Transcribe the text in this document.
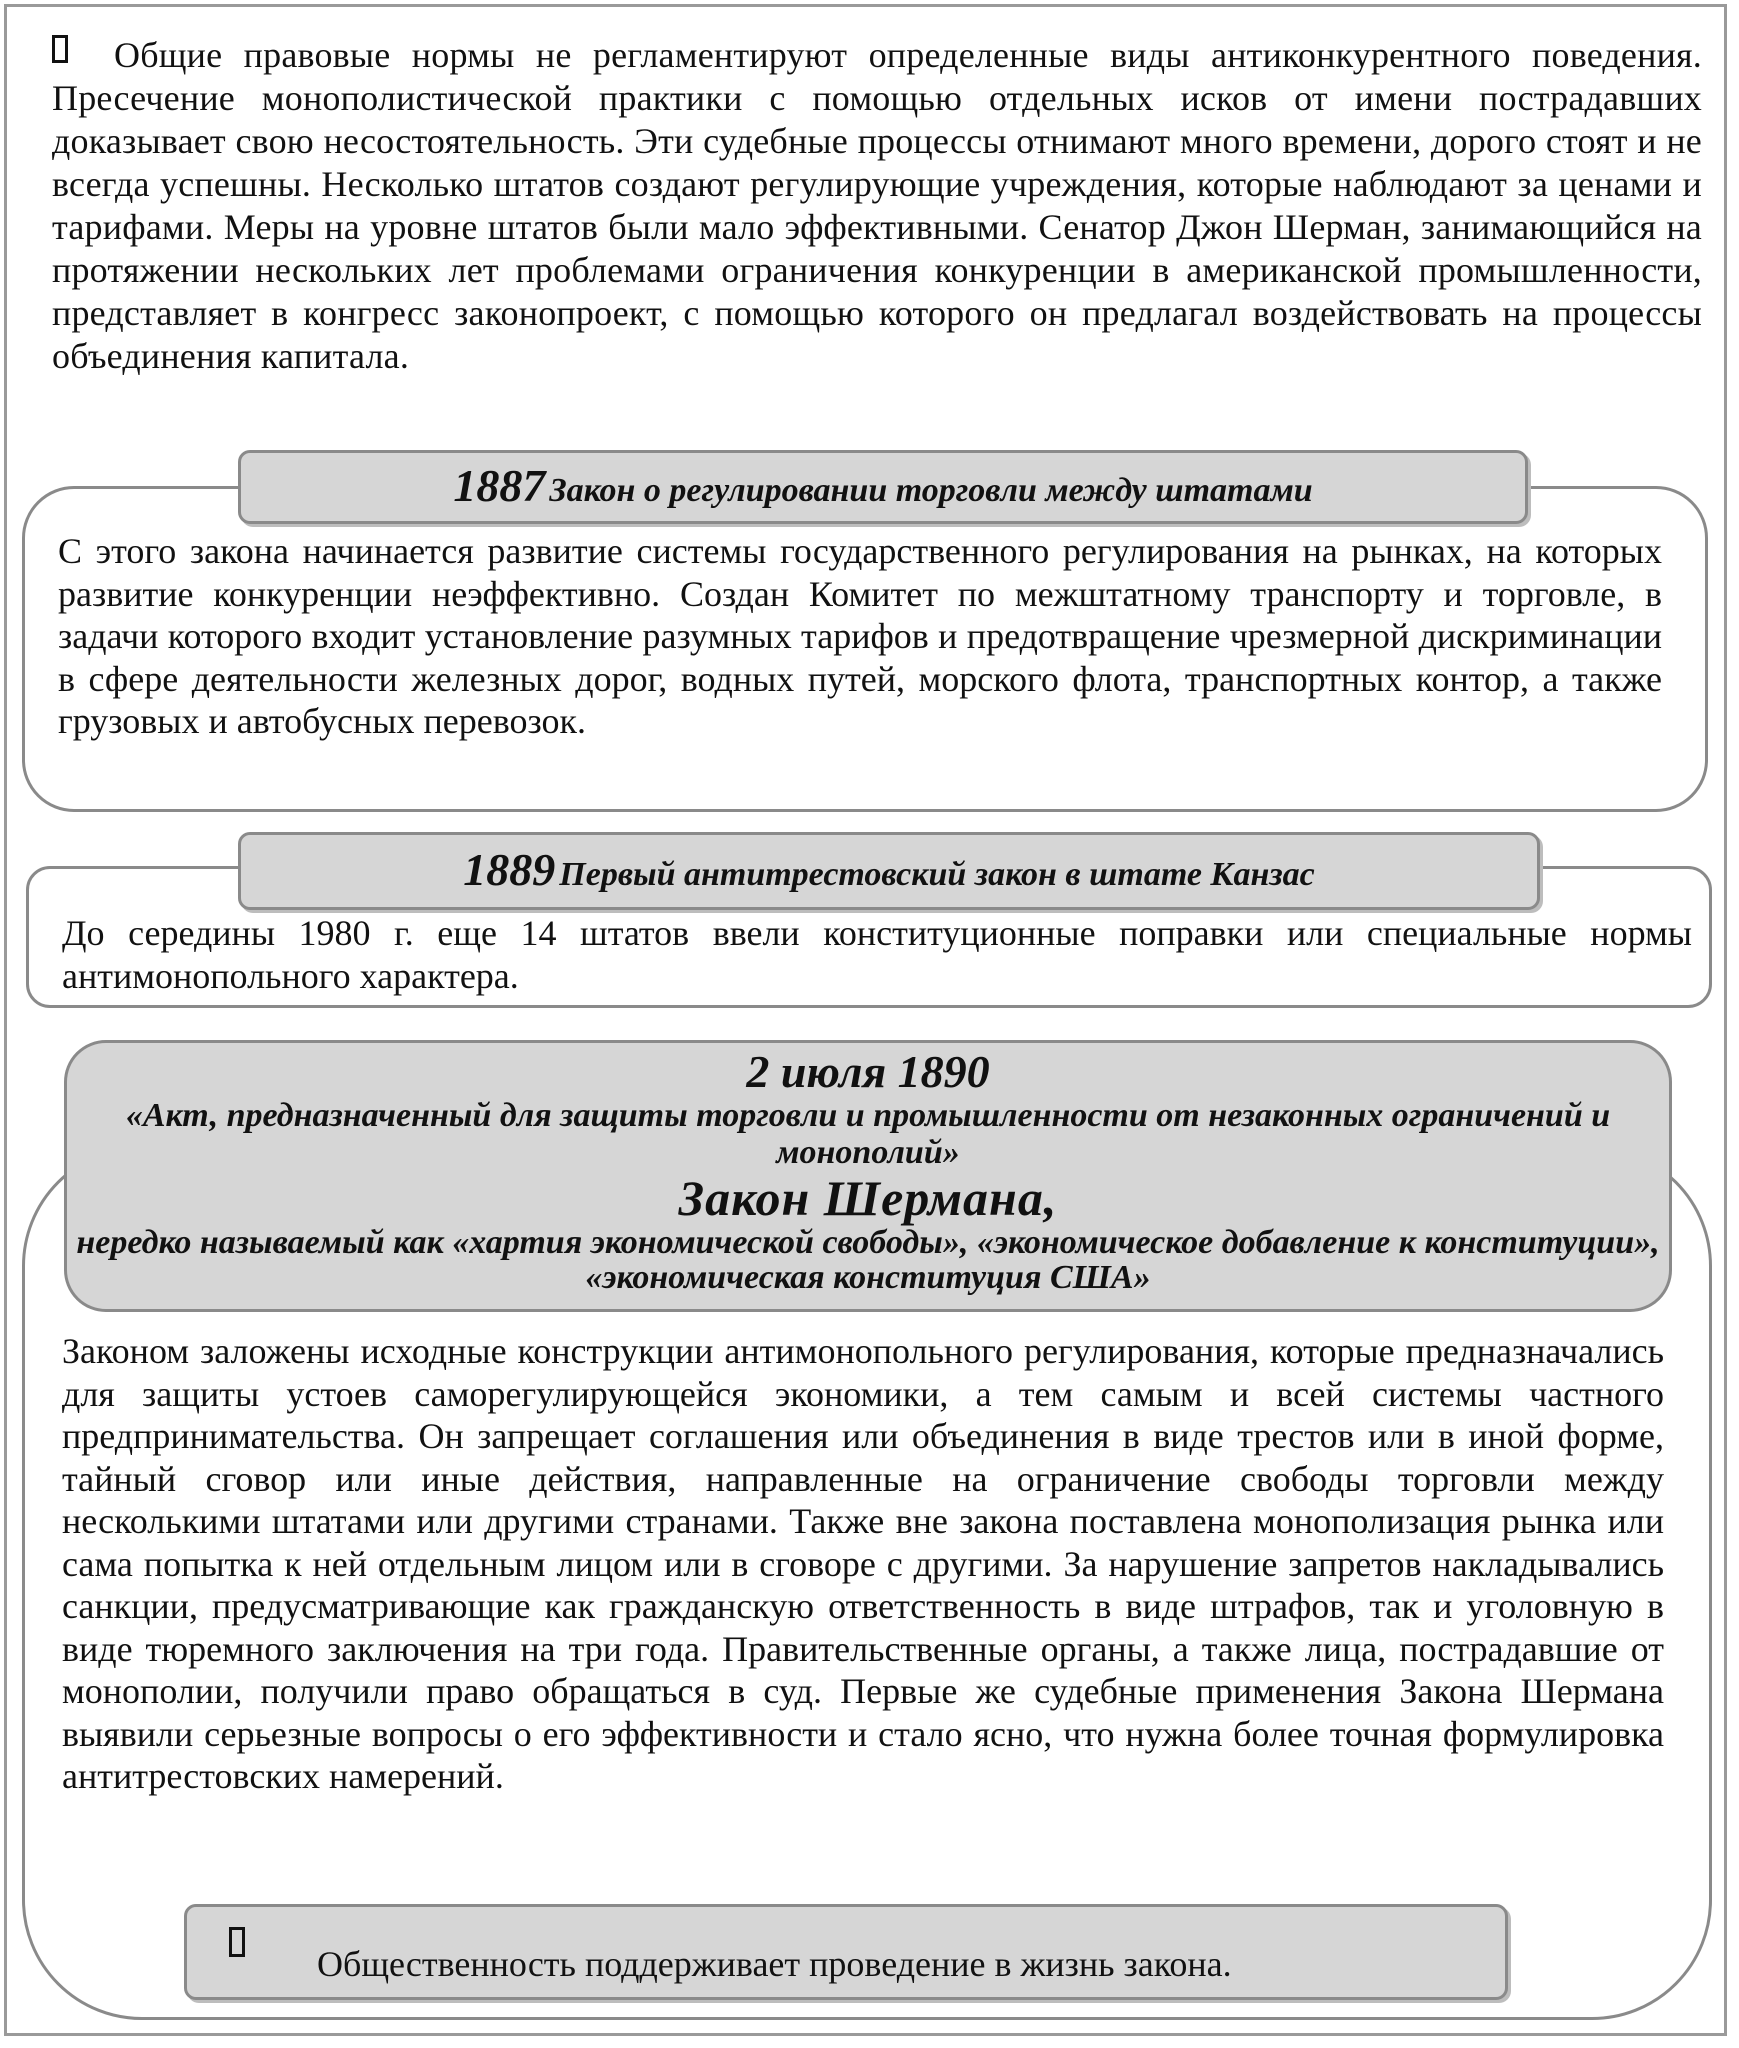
Общие правовые нормы не регламентируют определенные виды антиконкурентного поведения. Пресечение монополистической практики с помощью отдельных исков от имени пострадавших доказывает свою несостоятельность. Эти судебные процессы отнимают много времени, дорого стоят и не всегда успешны. Несколько штатов создают регулирующие учреждения, которые наблюдают за ценами и тарифами. Меры на уровне штатов были мало эффективными. Сенатор Джон Шерман, занимающийся на протяжении нескольких лет проблемами ограничения конкуренции в американской промышленности, представляет в конгресс законопроект, с помощью которого он предлагал воздействовать на процессы объединения капитала.
1887 Закон о регулировании торговли между штатами
С этого закона начинается развитие системы государственного регулирования на рынках, на которых развитие конкуренции неэффективно. Создан Комитет по межштатному транспорту и торговле, в задачи которого входит установление разумных тарифов и предотвращение чрезмерной дискриминации в сфере деятельности железных дорог, водных путей, морского флота, транспортных контор, а также грузовых и автобусных перевозок.
1889 Первый антитрестовский закон в штате Канзас
До середины 1980 г. еще 14 штатов ввели конституционные поправки или специальные нормы антимонопольного характера.
2 июля 1890
«Акт, предназначенный для защиты торговли и промышленности от незаконных ограничений и монополий»
Закон Шермана,
нередко называемый как «хартия экономической свободы», «экономическое добавление к конституции», «экономическая конституция США»
Законом заложены исходные конструкции антимонопольного регулирования, которые предназначались для защиты устоев саморегулирующейся экономики, а тем самым и всей системы частного предпринимательства. Он запрещает соглашения или объединения в виде трестов или в иной форме, тайный сговор или иные действия, направленные на ограничение свободы торговли между несколькими штатами или другими странами. Также вне закона поставлена монополизация рынка или сама попытка к ней отдельным лицом или в сговоре с другими. За нарушение запретов накладывались санкции, предусматривающие как гражданскую ответственность в виде штрафов, так и уголовную в виде тюремного заключения на три года. Правительственные органы, а также лица, пострадавшие от монополии, получили право обращаться в суд. Первые же судебные применения Закона Шермана выявили серьезные вопросы о его эффективности и стало ясно, что нужна более точная формулировка антитрестовских намерений.
Общественность поддерживает проведение в жизнь закона.
